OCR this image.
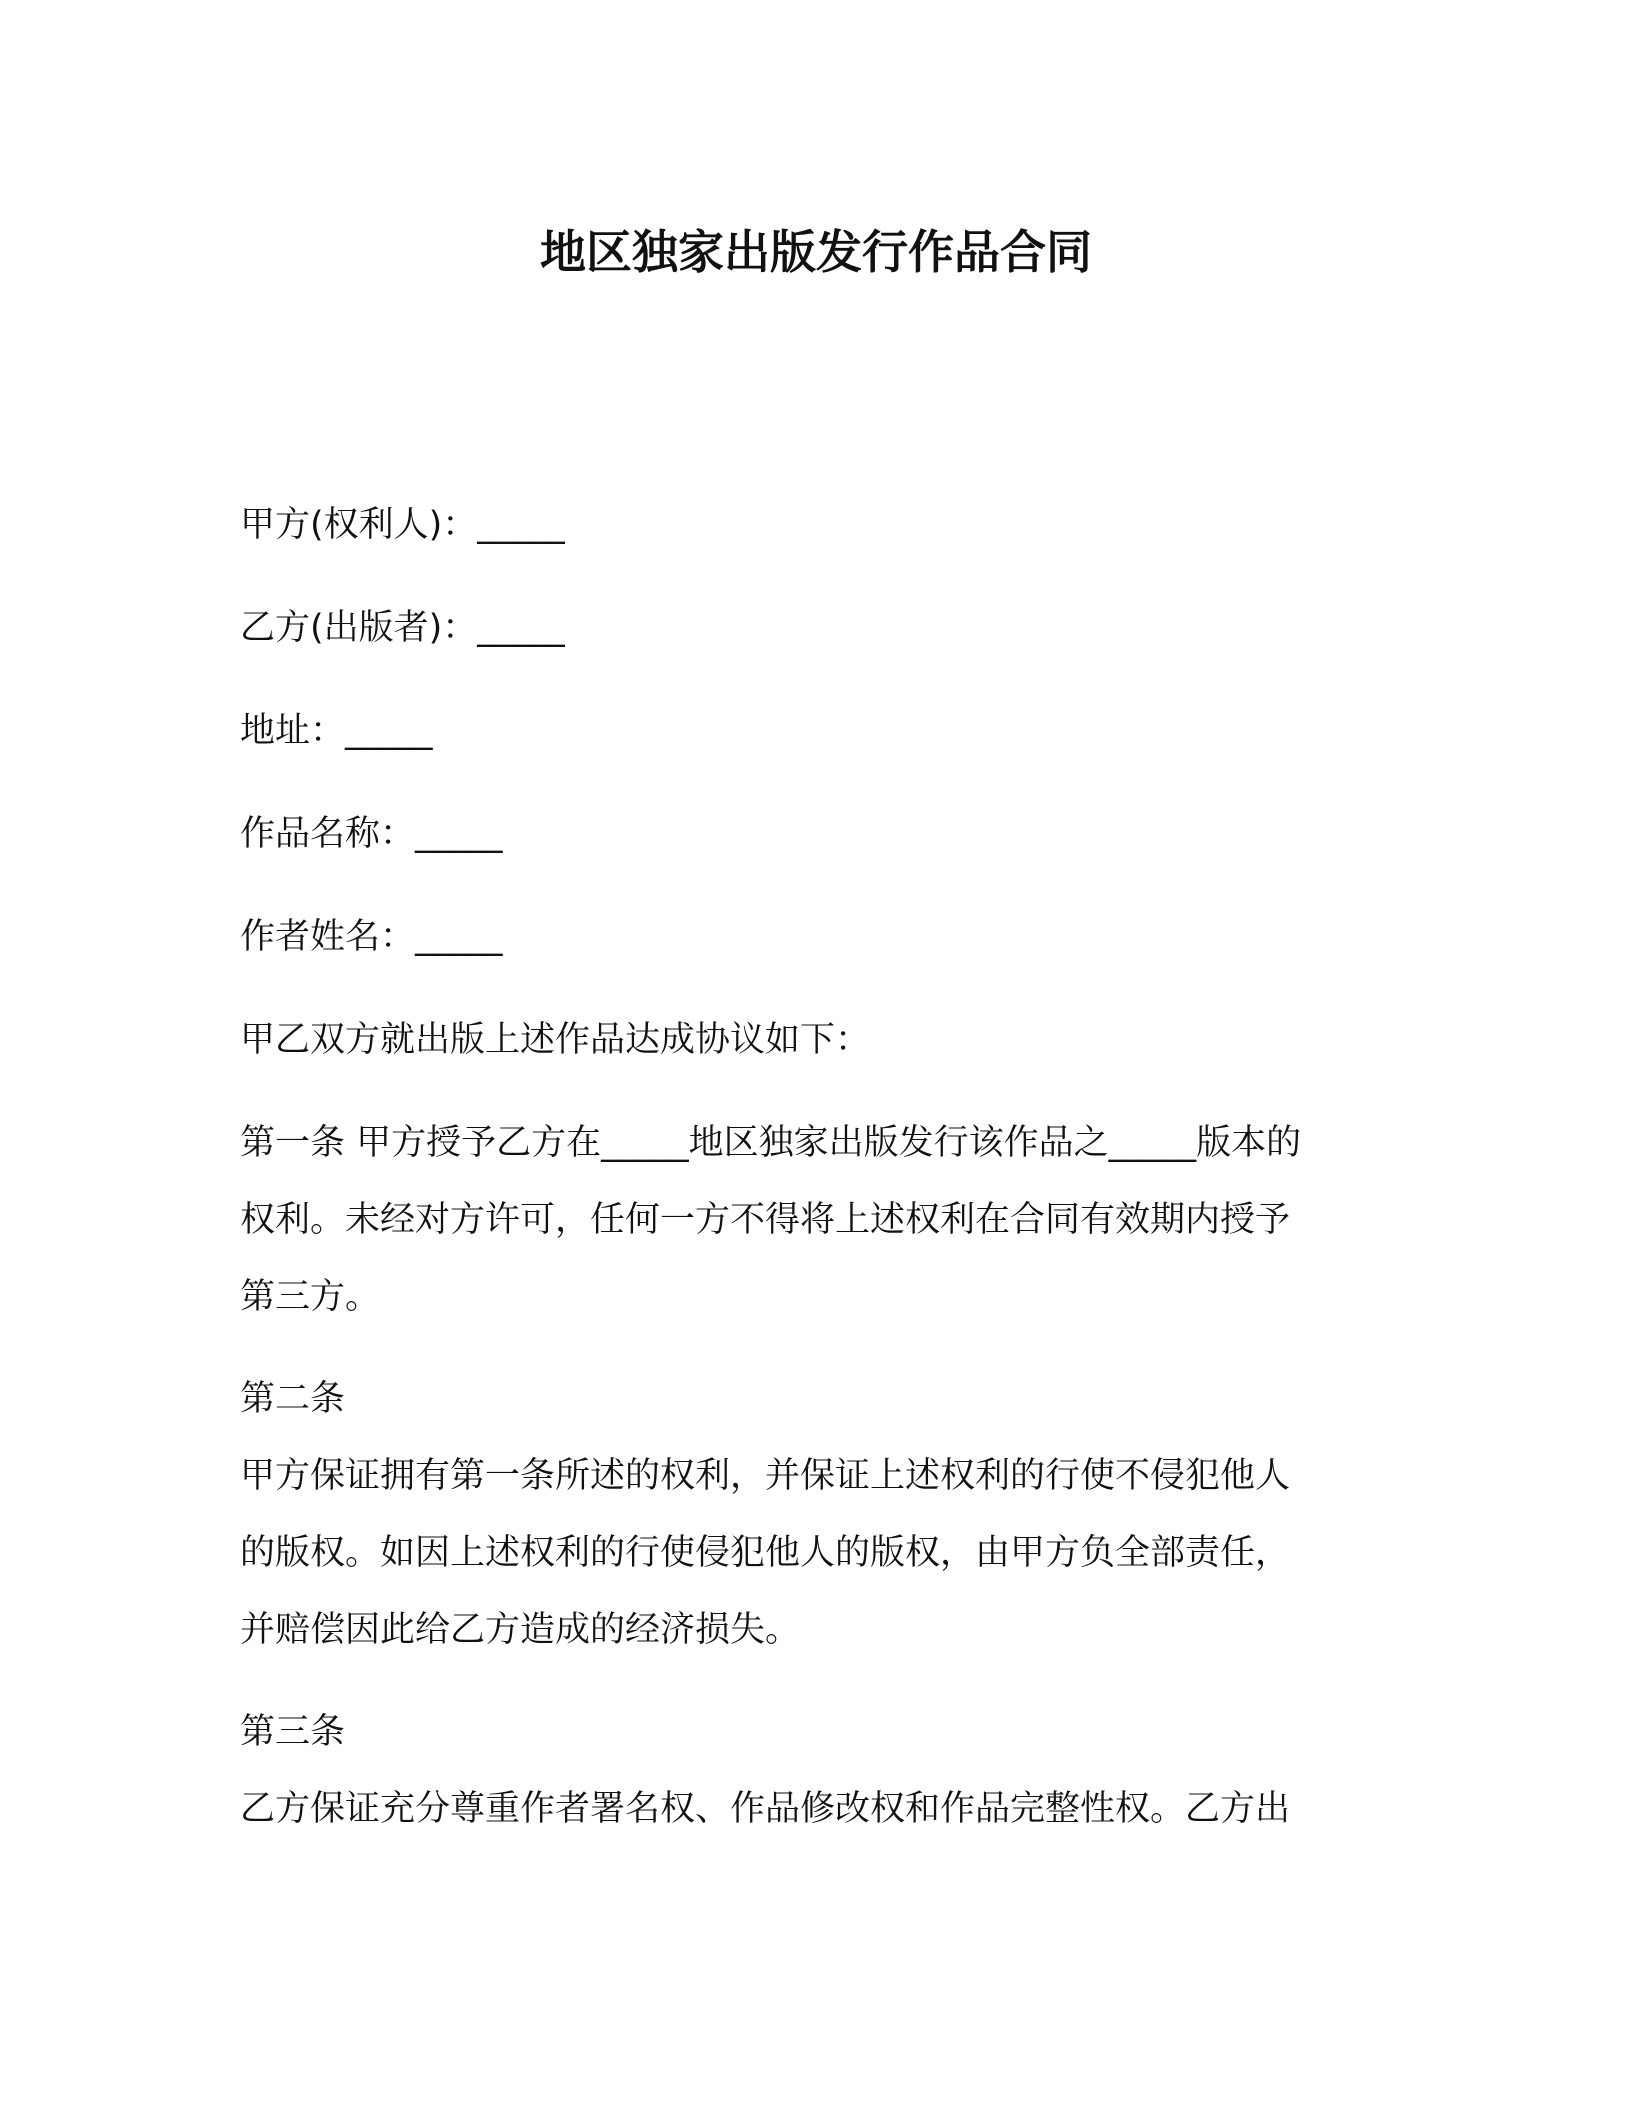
地区独家出版发行作品合同
甲方(权利人)：_____
乙方(出版者)：_____
地址：_____
作品名称：_____
作者姓名：_____
甲乙双方就出版上述作品达成协议如下：
第一条 甲方授予乙方在_____地区独家出版发行该作品之_____版本的
权利。未经对方许可，任何一方不得将上述权利在合同有效期内授予
第三方。
第二条
甲方保证拥有第一条所述的权利，并保证上述权利的行使不侵犯他人
的版权。如因上述权利的行使侵犯他人的版权，由甲方负全部责任，
并赔偿因此给乙方造成的经济损失。
第三条
乙方保证充分尊重作者署名权、作品修改权和作品完整性权。乙方出
